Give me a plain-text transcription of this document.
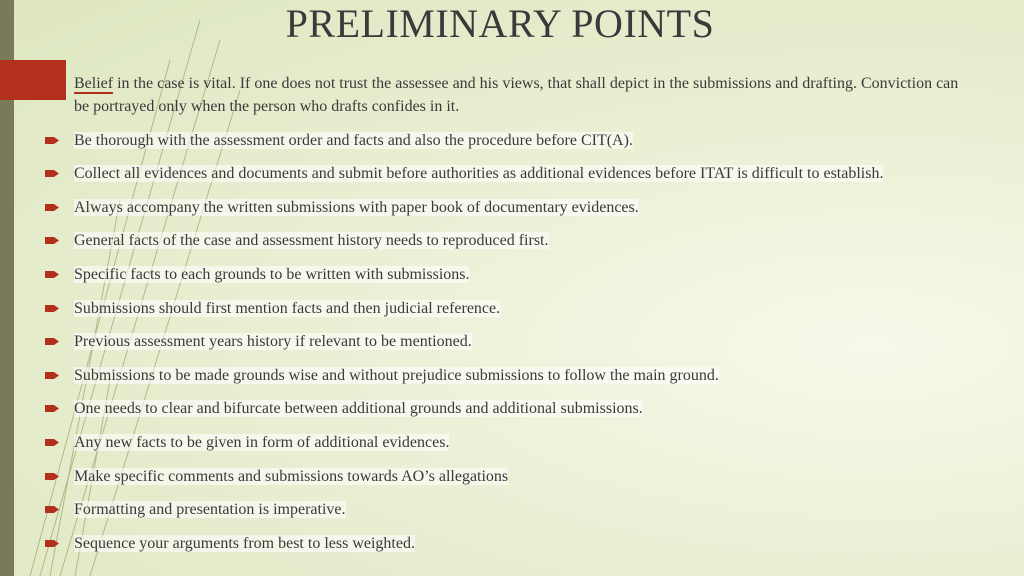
PRELIMINARY POINTS
Belief in the case is vital. If one does not trust the assessee and his views, that shall depict in the submissions and drafting. Conviction can be portrayed only when the person who drafts confides in it.
Be thorough with the assessment order and facts and also the procedure before CIT(A).
Collect all evidences and documents and submit before authorities as additional evidences before ITAT is difficult to establish.
Always accompany the written submissions with paper book of documentary evidences.
General facts of the case and assessment history needs to reproduced first.
Specific facts to each grounds to be written with submissions.
Submissions should first mention facts and then judicial reference.
Previous assessment years history if relevant to be mentioned.
Submissions to be made grounds wise and without prejudice submissions to follow the main ground.
One needs to clear and bifurcate between additional grounds and additional submissions.
Any new facts to be given in form of additional evidences.
Make specific comments and submissions towards AO’s allegations
Formatting and presentation is imperative.
Sequence your arguments from best to less weighted.
